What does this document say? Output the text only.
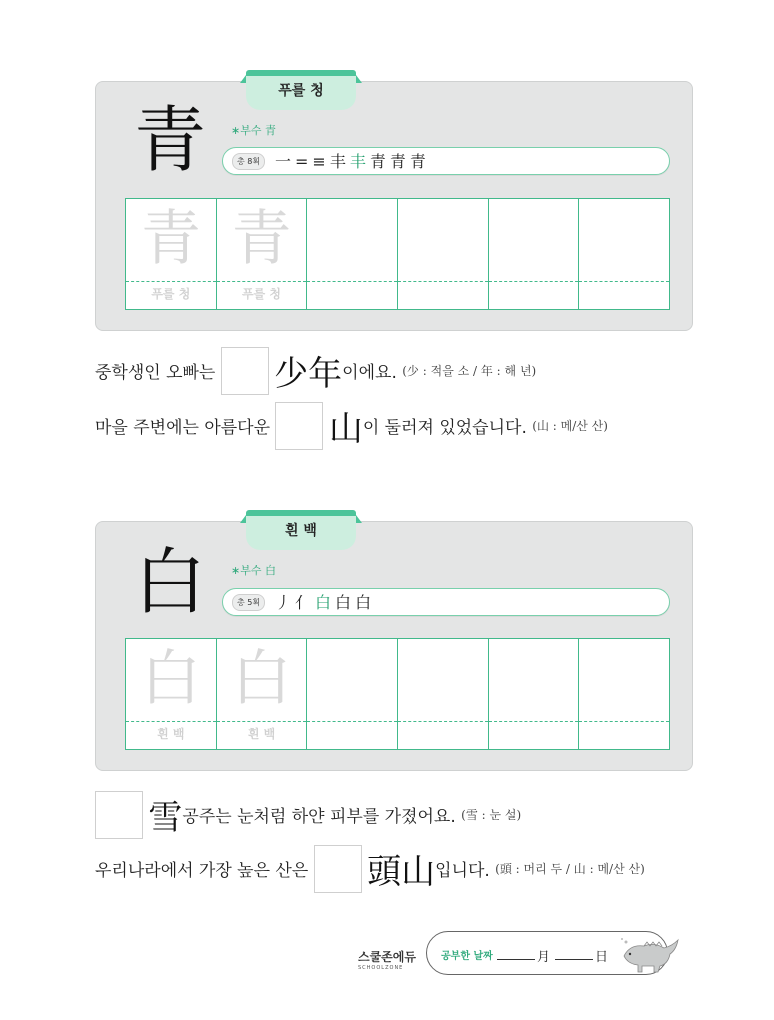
푸를 청
青 ∗부수 青
총 8획 一=≡丰丰青青青
青
푸를 청
青
푸를 청
중학생인 오빠는 少年이에요. (少 : 적을 소 / 年 : 해 년)
마을 주변에는 아름다운 山이 둘러져 있었습니다. (山 : 메/산 산)
흰 백
白 ∗부수 白
총 5획 丿亻白白白
白
흰 백
白
흰 백
雪공주는 눈처럼 하얀 피부를 가졌어요. (雪 : 눈 설)
우리나라에서 가장 높은 산은 頭山입니다. (頭 : 머리 두 / 山 : 메/산 산)
스쿨존에듀
SCHOOLZONE
공부한 날짜	月	日
